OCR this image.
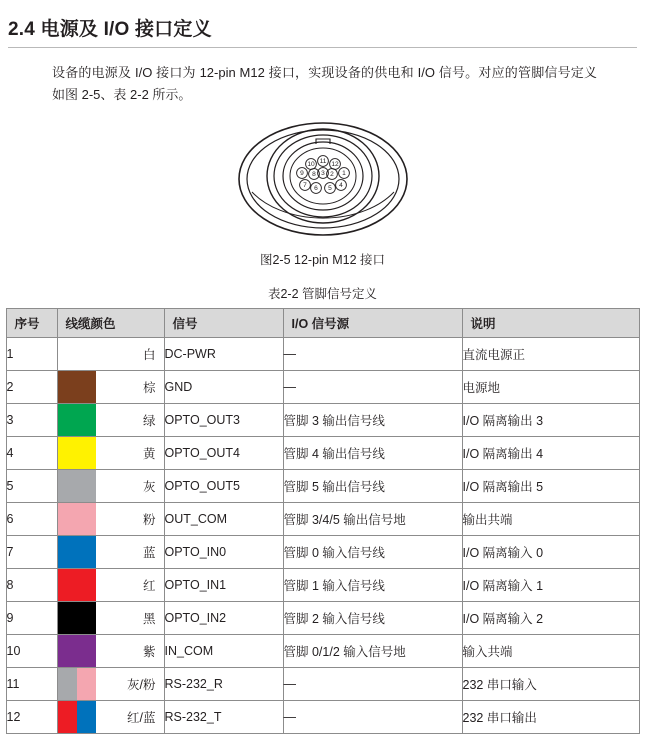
2.4 电源及 I/O 接口定义
设备的电源及 I/O 接口为 12-pin M12 接口，实现设备的供电和 I/O 信号。对应的管脚信号定义如图 2-5、表 2-2 所示。
11
10	12
9	1
8 2
3
7	4
6 5
图2-5 12-pin M12 接口
表2-2 管脚信号定义
序号	线缆颜色	信号	I/O 信号源	说明
1	白	DC-PWR	—	直流电源正
2	棕	GND	—	电源地
3	绿	OPTO_OUT3	管脚 3 输出信号线	I/O 隔离输出 3
4	黄	OPTO_OUT4	管脚 4 输出信号线	I/O 隔离输出 4
5	灰	OPTO_OUT5	管脚 5 输出信号线	I/O 隔离输出 5
6	粉	OUT_COM	管脚 3/4/5 输出信号地	输出共端
7	蓝	OPTO_IN0	管脚 0 输入信号线	I/O 隔离输入 0
8	红	OPTO_IN1	管脚 1 输入信号线	I/O 隔离输入 1
9	黑	OPTO_IN2	管脚 2 输入信号线	I/O 隔离输入 2
10	紫	IN_COM	管脚 0/1/2 输入信号地	输入共端
11	灰/粉	RS-232_R	—	232 串口输入
12	红/蓝	RS-232_T	—	232 串口输出
